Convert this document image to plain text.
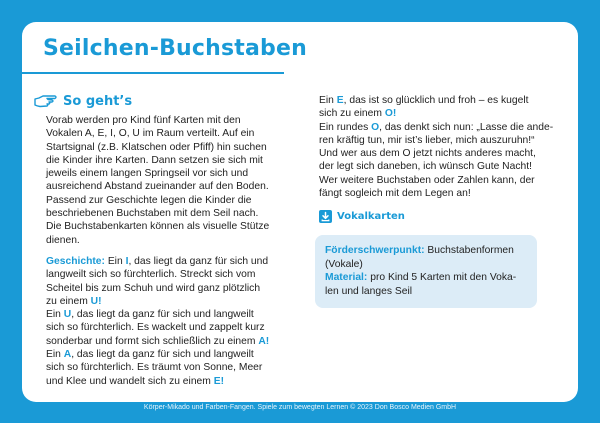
Seilchen-Buchstaben
So geht’s
Vorab werden pro Kind fünf Karten mit den
Vokalen A, E, I, O, U im Raum verteilt. Auf ein
Startsignal (z.B. Klatschen oder Pfiff) hin suchen
die Kinder ihre Karten. Dann setzen sie sich mit
jeweils einem langen Springseil vor sich und
ausreichend Abstand zueinander auf den Boden.
Passend zur Geschichte legen die Kinder die
beschriebenen Buchstaben mit dem Seil nach.
Die Buchstabenkarten können als visuelle Stütze
dienen.
Geschichte: Ein I, das liegt da ganz für sich und
langweilt sich so fürchterlich. Streckt sich vom
Scheitel bis zum Schuh und wird ganz plötzlich
zu einem U!
Ein U, das liegt da ganz für sich und langweilt
sich so fürchterlich. Es wackelt und zappelt kurz
sonderbar und formt sich schließlich zu einem A!
Ein A, das liegt da ganz für sich und langweilt
sich so fürchterlich. Es träumt von Sonne, Meer
und Klee und wandelt sich zu einem E!
Ein E, das ist so glücklich und froh – es kugelt
sich zu einem O!
Ein rundes O, das denkt sich nun: „Lasse die ande-
ren kräftig tun, mir ist’s lieber, mich auszuruhn!“
Und wer aus dem O jetzt nichts anderes macht,
der legt sich daneben, ich wünsch Gute Nacht!
Wer weitere Buchstaben oder Zahlen kann, der
fängt sogleich mit dem Legen an!
Vokalkarten
Förderschwerpunkt: Buchstabenformen
(Vokale)
Material: pro Kind 5 Karten mit den Voka-
len und langes Seil
Körper-Mikado und Farben-Fangen. Spiele zum bewegten Lernen © 2023 Don Bosco Medien GmbH
